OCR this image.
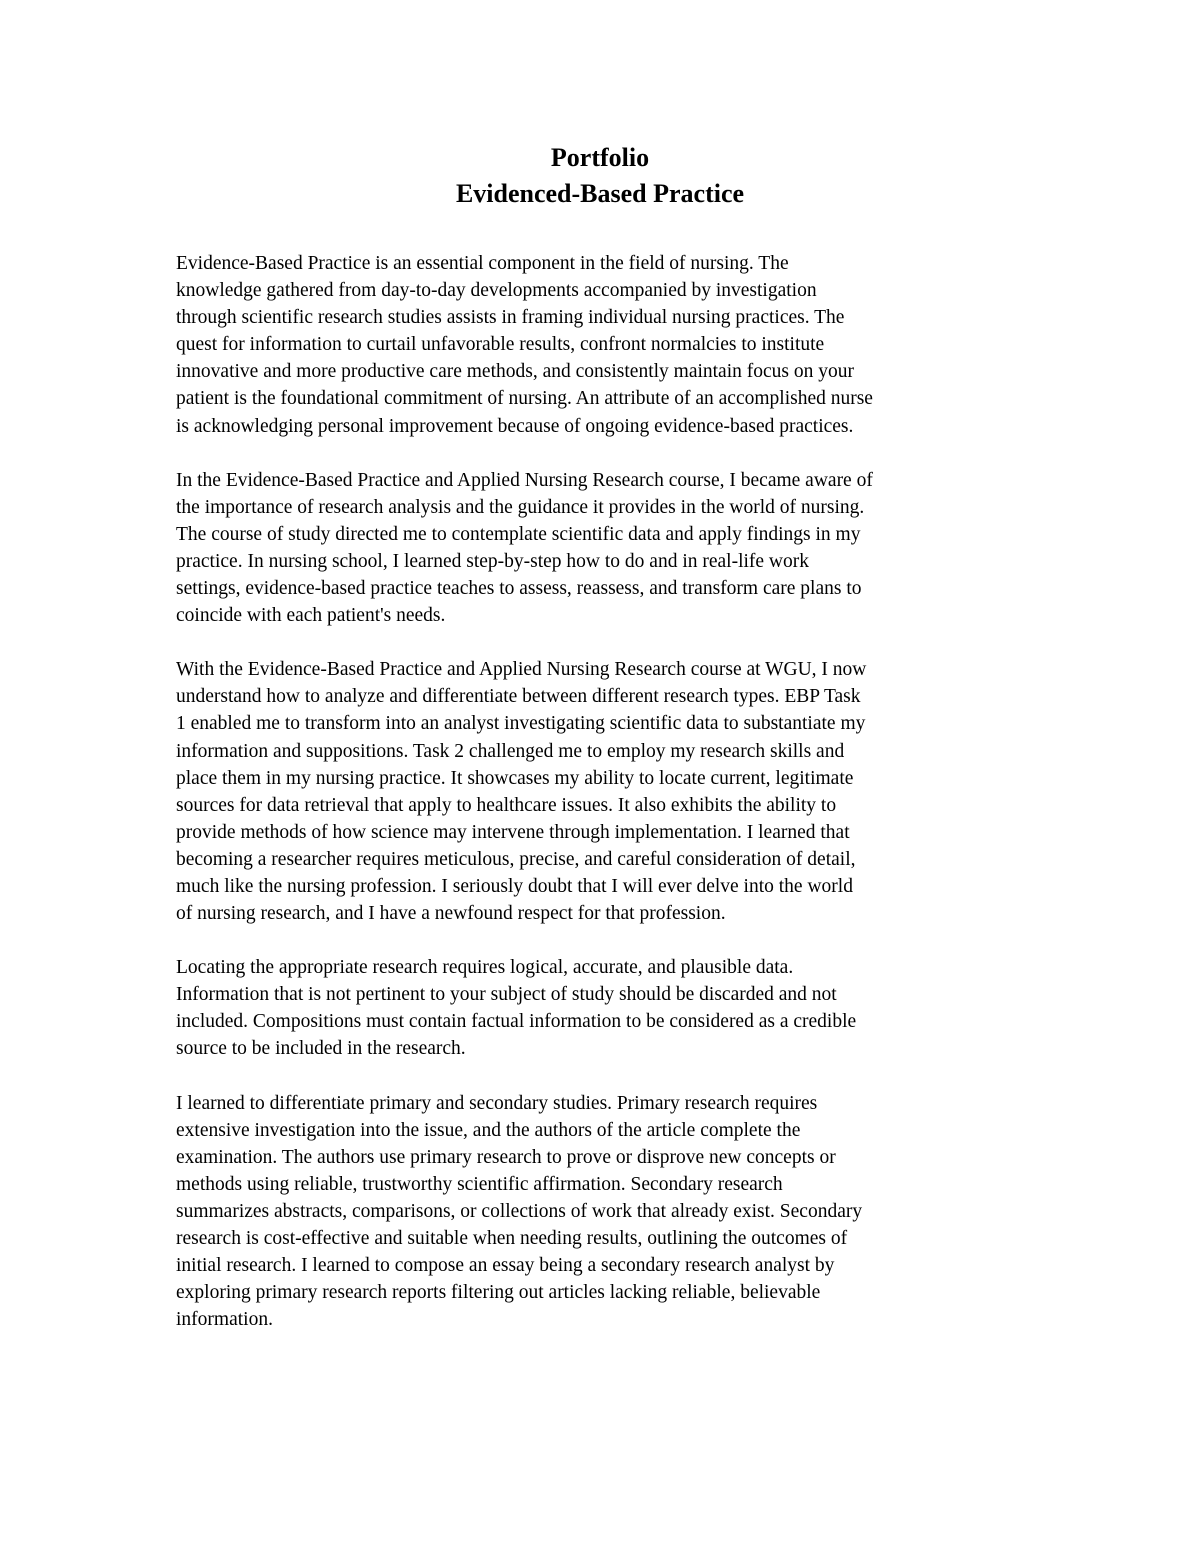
Portfolio
Evidenced-Based Practice
Evidence-Based Practice is an essential component in the field of nursing. The
knowledge gathered from day-to-day developments accompanied by investigation
through scientific research studies assists in framing individual nursing practices. The
quest for information to curtail unfavorable results, confront normalcies to institute
innovative and more productive care methods, and consistently maintain focus on your
patient is the foundational commitment of nursing. An attribute of an accomplished nurse
is acknowledging personal improvement because of ongoing evidence-based practices.
In the Evidence-Based Practice and Applied Nursing Research course, I became aware of
the importance of research analysis and the guidance it provides in the world of nursing.
The course of study directed me to contemplate scientific data and apply findings in my
practice. In nursing school, I learned step-by-step how to do and in real-life work
settings, evidence-based practice teaches to assess, reassess, and transform care plans to
coincide with each patient's needs.
With the Evidence-Based Practice and Applied Nursing Research course at WGU, I now
understand how to analyze and differentiate between different research types. EBP Task
1 enabled me to transform into an analyst investigating scientific data to substantiate my
information and suppositions. Task 2 challenged me to employ my research skills and
place them in my nursing practice. It showcases my ability to locate current, legitimate
sources for data retrieval that apply to healthcare issues. It also exhibits the ability to
provide methods of how science may intervene through implementation. I learned that
becoming a researcher requires meticulous, precise, and careful consideration of detail,
much like the nursing profession. I seriously doubt that I will ever delve into the world
of nursing research, and I have a newfound respect for that profession.
Locating the appropriate research requires logical, accurate, and plausible data.
Information that is not pertinent to your subject of study should be discarded and not
included. Compositions must contain factual information to be considered as a credible
source to be included in the research.
I learned to differentiate primary and secondary studies. Primary research requires
extensive investigation into the issue, and the authors of the article complete the
examination. The authors use primary research to prove or disprove new concepts or
methods using reliable, trustworthy scientific affirmation. Secondary research
summarizes abstracts, comparisons, or collections of work that already exist. Secondary
research is cost-effective and suitable when needing results, outlining the outcomes of
initial research. I learned to compose an essay being a secondary research analyst by
exploring primary research reports filtering out articles lacking reliable, believable
information.
